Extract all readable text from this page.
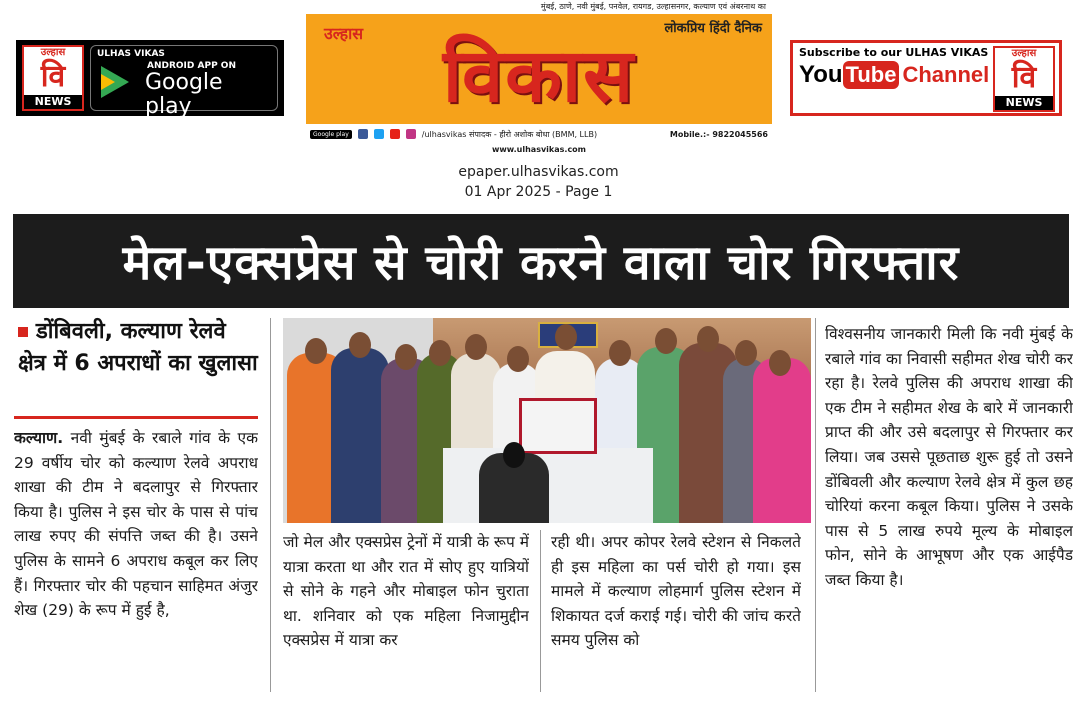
उल्हास
वि
NEWS
ULHAS VIKAS
ANDROID APP ON
Google play
Install now
मुंबई, ठाणे, नवी मुंबई, पनवेल, रायगड, उल्हासनगर, कल्याण एवं अंबरनाथ का
लोकप्रिय हिंदी दैनिक
उल्हास	विकास
Google play	/ulhasvikas संपादक - हीरो अशोक बोधा (BMM, LLB)	Mobile.:- 9822045566
www.ulhasvikas.com
Subscribe to our ULHAS VIKAS
You Tube Channel
उल्हास
वि
NEWS
epaper.ulhasvikas.com
01 Apr 2025 - Page 1
मेल-एक्सप्रेस से चोरी करने वाला चोर गिरफ्तार
डोंबिवली, कल्याण रेलवे क्षेत्र में 6 अपराधों का खुलासा
कल्याण. नवी मुंबई के रबाले गांव के एक 29 वर्षीय चोर को कल्याण रेलवे अपराध शाखा की टीम ने बदलापुर से गिरफ्तार किया है। पुलिस ने इस चोर के पास से पांच लाख रुपए की संपत्ति जब्त की है। उसने पुलिस के सामने 6 अपराध कबूल कर लिए हैं। गिरफ्तार चोर की पहचान साहिमत अंजुर शेख (29) के रूप में हुई है,
जो मेल और एक्सप्रेस ट्रेनों में यात्री के रूप में यात्रा करता था और रात में सोए हुए यात्रियों से सोने के गहने और मोबाइल फोन चुराता था. शनिवार को एक महिला निजामुद्दीन एक्सप्रेस में यात्रा कर
रही थी। अपर कोपर रेलवे स्टेशन से निकलते ही इस महिला का पर्स चोरी हो गया। इस मामले में कल्याण लोहमार्ग पुलिस स्टेशन में शिकायत दर्ज कराई गई। चोरी की जांच करते समय पुलिस को
विश्वसनीय जानकारी मिली कि नवी मुंबई के रबाले गांव का निवासी सहीमत शेख चोरी कर रहा है। रेलवे पुलिस की अपराध शाखा की एक टीम ने सहीमत शेख के बारे में जानकारी प्राप्त की और उसे बदलापुर से गिरफ्तार कर लिया। जब उससे पूछताछ शुरू हुई तो उसने डोंबिवली और कल्याण रेलवे क्षेत्र में कुल छह चोरियां करना कबूल किया। पुलिस ने उसके पास से 5 लाख रुपये मूल्य के मोबाइल फोन, सोने के आभूषण और एक आईपैड जब्त किया है।
